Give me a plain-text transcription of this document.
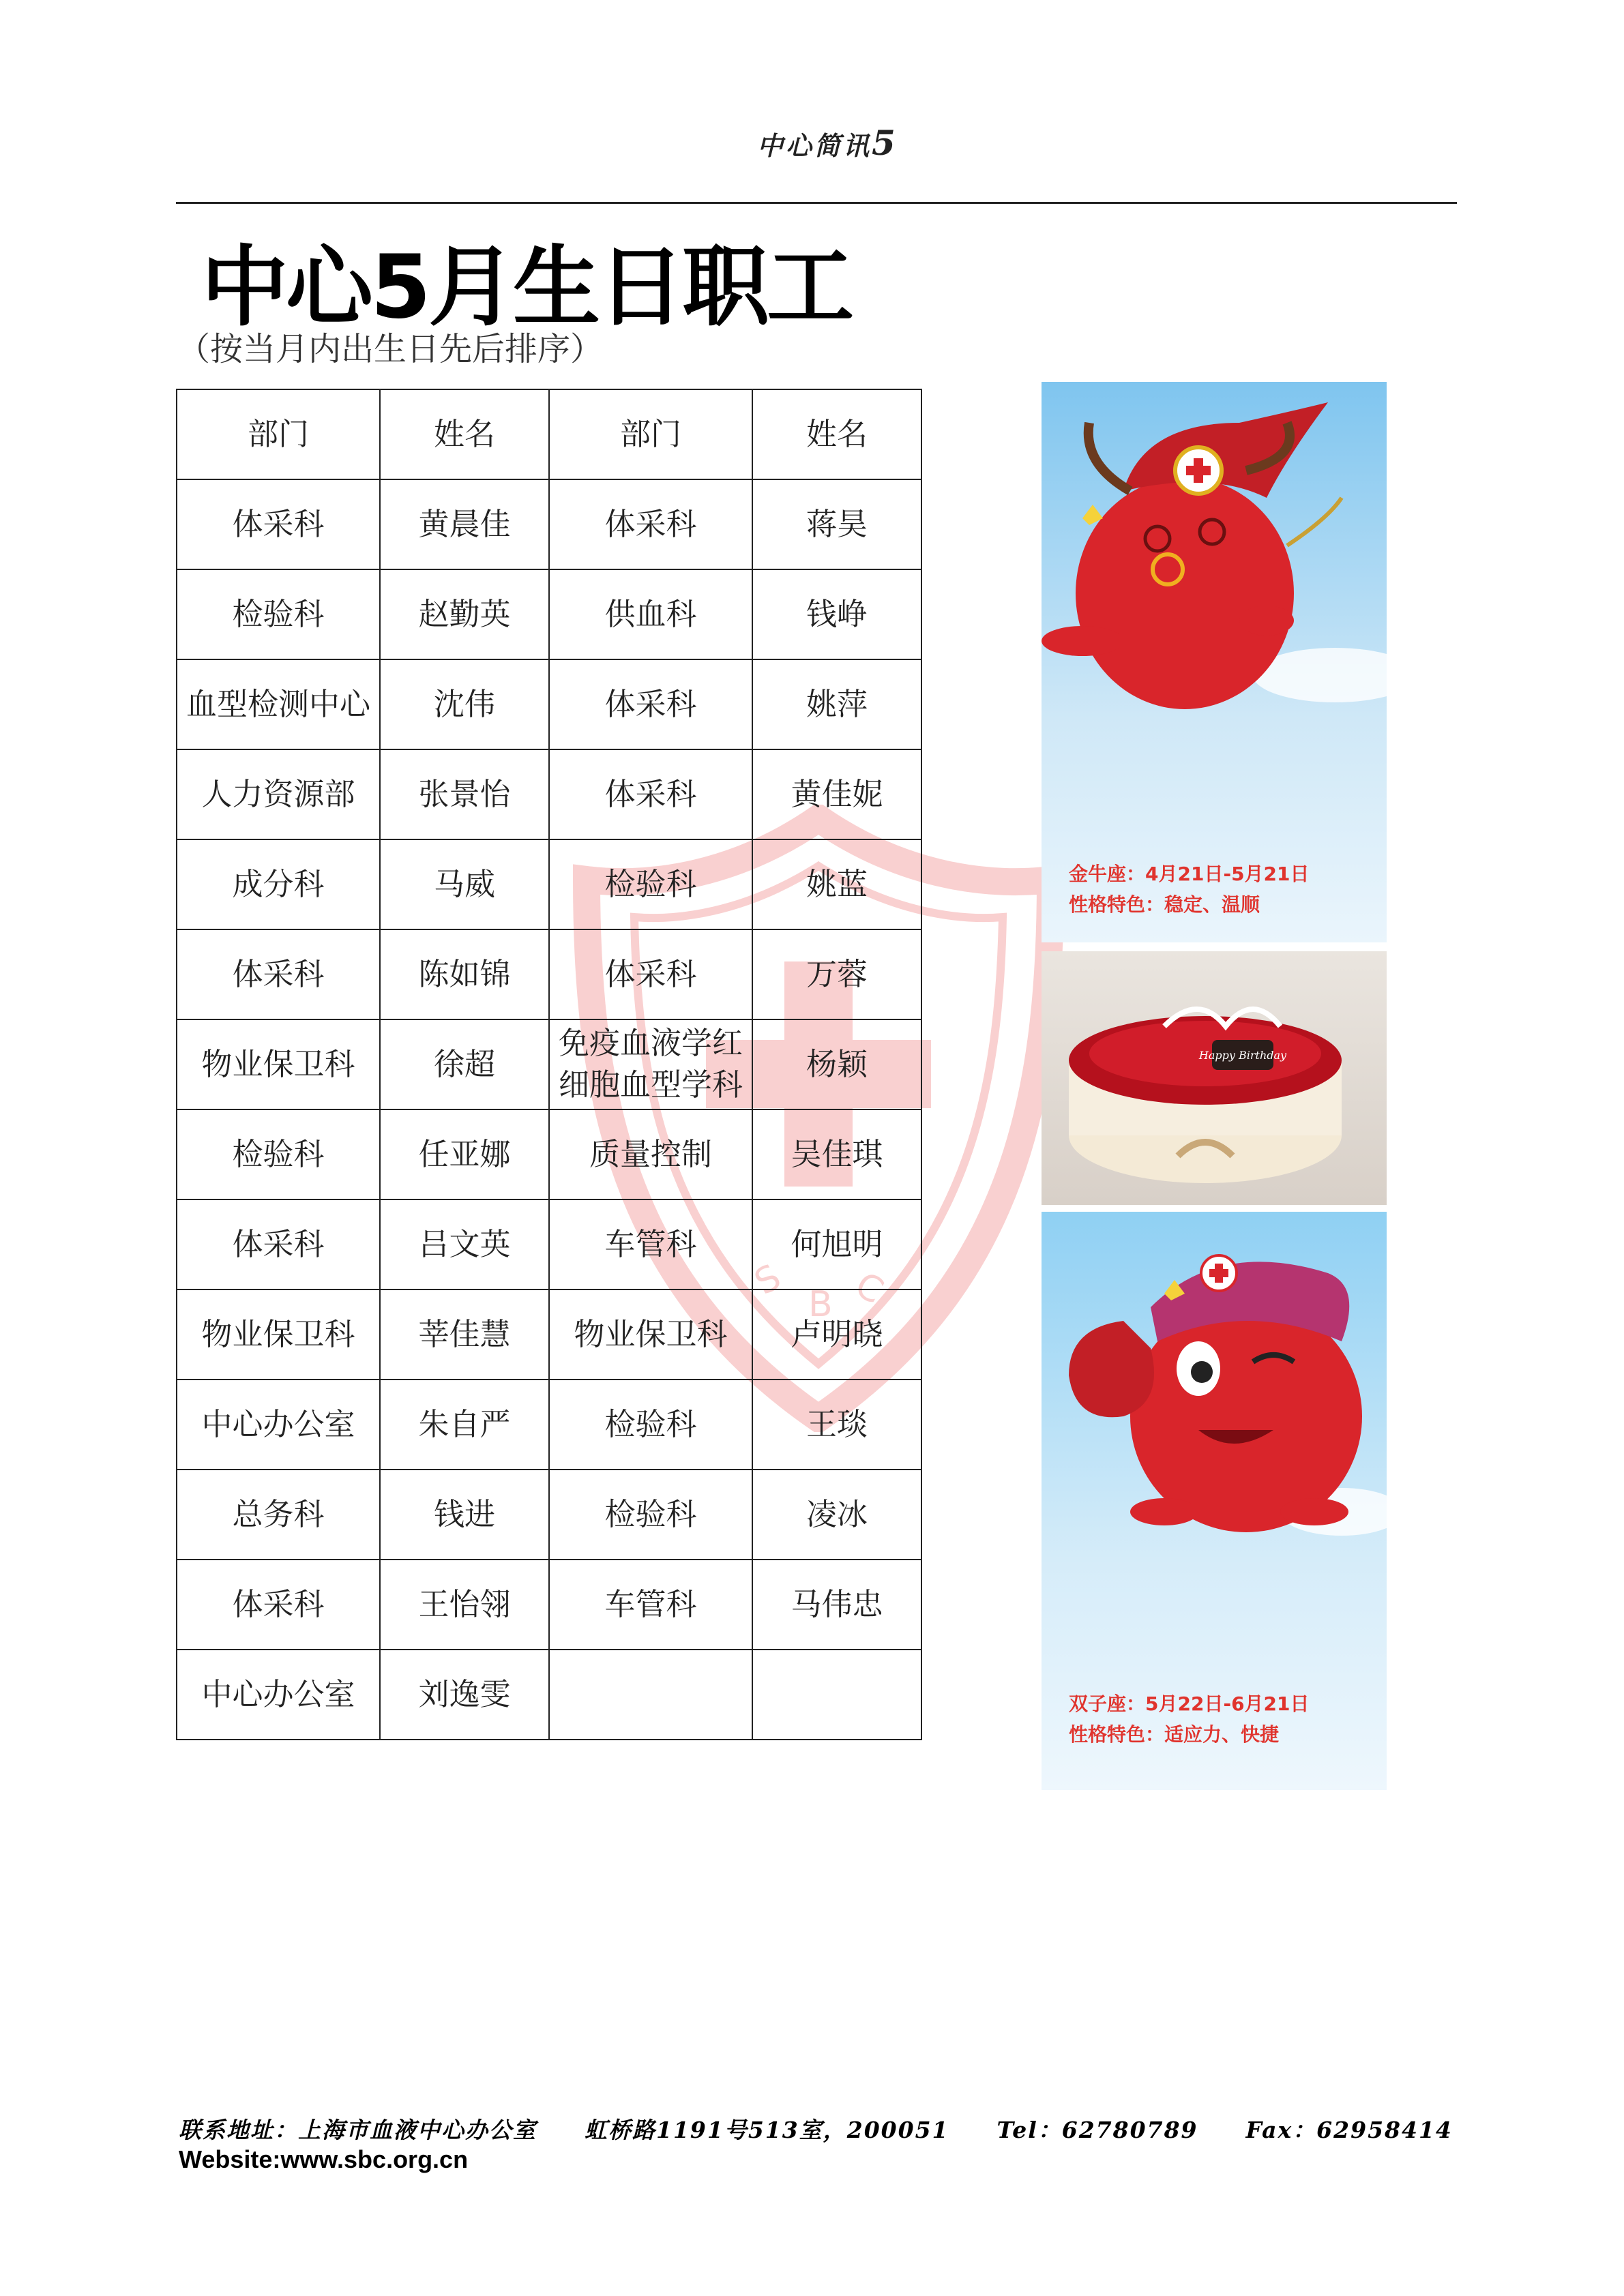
S
B C
中心简讯5
中心5月生日职工
（按当月内出生日先后排序）
部门	姓名	部门	姓名
体采科	黄晨佳	体采科	蒋昊
检验科	赵勤英	供血科	钱峥
血型检测中心	沈伟	体采科	姚萍
人力资源部	张景怡	体采科	黄佳妮
成分科	马威	检验科	姚蓝
体采科	陈如锦	体采科	万蓉
物业保卫科	徐超	免疫血液学红细胞血型学科	杨颖
检验科	任亚娜	质量控制	吴佳琪
体采科	吕文英	车管科	何旭明
物业保卫科	莘佳慧	物业保卫科	卢明晓
中心办公室	朱自严	检验科	王琰
总务科	钱进	检验科	凌冰
体采科	王怡翎	车管科	马伟忠
中心办公室	刘逸雯		
金牛座：4月21日-5月21日
性格特色：稳定、温顺
Happy Birthday
双子座：5月22日-6月21日
性格特色：适应力、快捷
联系地址：上海市血液中心办公室 虹桥路1191号513室，200051 Tel：62780789 Fax：62958414
Website:www.sbc.org.cn
